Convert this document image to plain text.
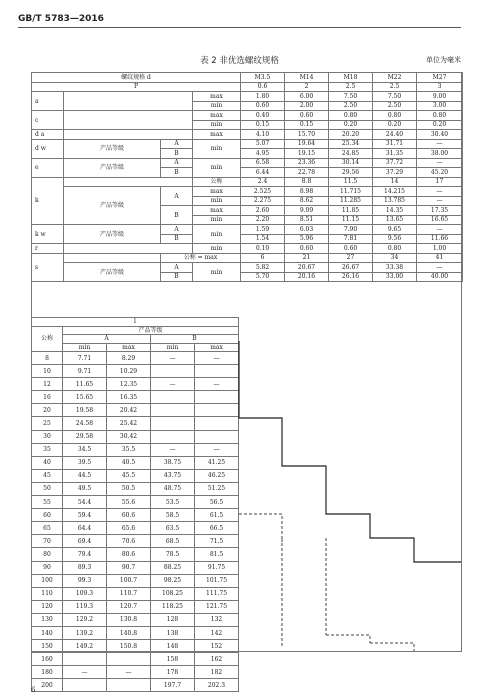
GB/T 5783—2016
表 2 非优选螺纹规格	单位为毫米
螺纹规格 d				M3.5	M14	M18	M22	M27
P				0.6	2	2.5	2.5	3
a			max	1.80	6.00	7.50	7.50	9.00
			min	0.60	2.00	2.50	2.50	3.00
c			max	0.40	0.60	0.80	0.80	0.80
			min	0.15	0.15	0.20	0.20	0.20
d a			max	4.10	15.70	20.20	24.40	30.40
d w	产品等级	A	min	5.07	19.64	25.34	31.71	—
		B		4.95	19.15	24.85	31.35	38.00
e	产品等级	A	min	6.58	23.36	30.14	37.72	—
		B		6.44	22.78	29.56	37.29	45.20
k			公称	2.4	8.8	11.5	14	17
	产品等级	A	max	2.525	8.98	11.715	14.215	—
			min	2.275	8.62	11.285	13.785	—
		B	max	2.60	9.09	11.85	14.35	17.35
			min	2.20	8.51	11.15	13.65	16.65
k w	产品等级	A	min	1.59	6.03	7.90	9.65	—
		B		1.54	5.96	7.81	9.56	11.66
r			min	0.10	0.60	0.60	0.80	1.00
s		公称 = max		6	21	27	34	41
	产品等级	A	min	5.82	20.67	26.67	33.38	—
		B		5.70	20.16	26.16	33.00	40.00
l				
公称	产品等级			
	A		B	
	min	max	min	max
8	7.71	8.29	—	—
10	9.71	10.29		
12	11.65	12.35	—	—
16	15.65	16.35		
20	19.58	20.42		
25	24.58	25.42		
30	29.58	30.42		
35	34.5	35.5	—	—
40	39.5	40.5	38.75	41.25
45	44.5	45.5	43.75	46.25
50	49.5	50.5	48.75	51.25
55	54.4	55.6	53.5	56.5
60	59.4	60.6	58.5	61.5
65	64.4	65.6	63.5	66.5
70	69.4	70.6	68.5	71.5
80	79.4	80.6	78.5	81.5
90	89.3	90.7	88.25	91.75
100	99.3	100.7	98.25	101.75
110	109.3	110.7	108.25	111.75
120	119.3	120.7	118.25	121.75
130	129.2	130.8	128	132
140	139.2	140.8	138	142
150	149.2	150.8	148	152
160			158	162
180	—	—	178	182
200			197.7	202.3
6
